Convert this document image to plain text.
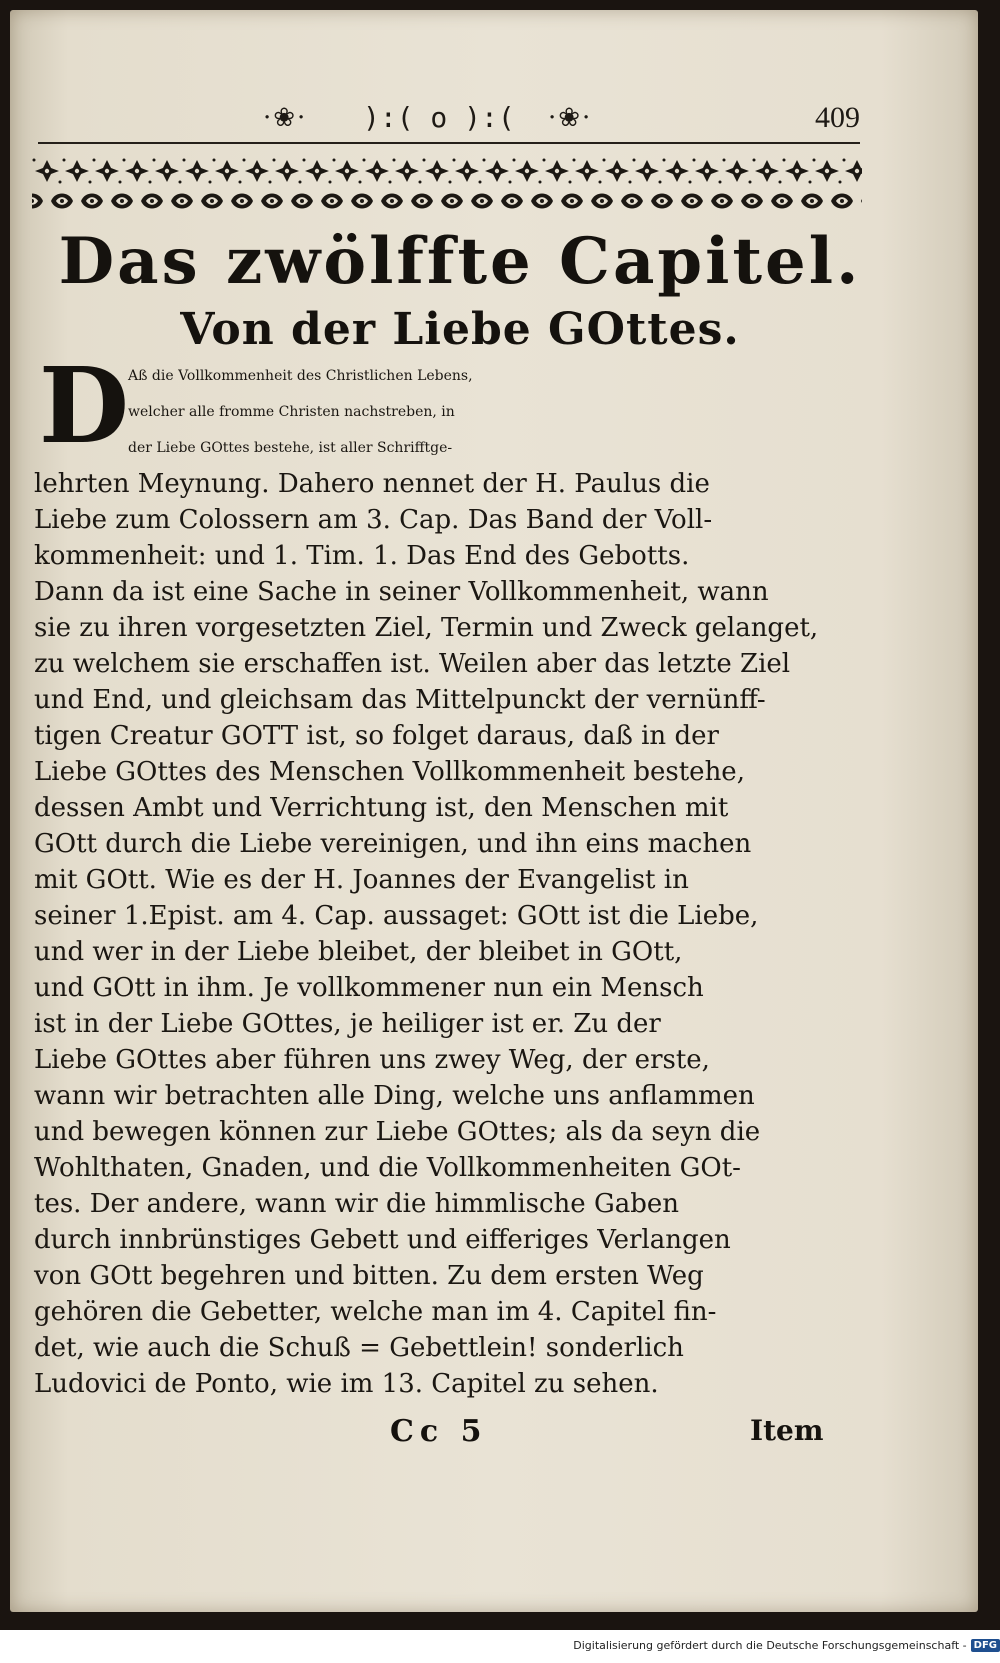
·❀· ):( o ):( ·❀·	409
Das zwölffte Capitel.
Von der Liebe GOttes.
D
Aß die Vollkommenheit des Christlichen Lebens,
welcher alle fromme Christen nachstreben, in
der Liebe GOttes bestehe, ist aller Schrifftge-
lehrten Meynung. Dahero nennet der H. Paulus die
Liebe zum Colossern am 3. Cap. Das Band der Voll-
kommenheit: und 1. Tim. 1. Das End des Gebotts.
Dann da ist eine Sache in seiner Vollkommenheit, wann
sie zu ihren vorgesetzten Ziel, Termin und Zweck gelanget,
zu welchem sie erschaffen ist. Weilen aber das letzte Ziel
und End, und gleichsam das Mittelpunckt der vernünff-
tigen Creatur GOTT ist, so folget daraus, daß in der
Liebe GOttes des Menschen Vollkommenheit bestehe,
dessen Ambt und Verrichtung ist, den Menschen mit
GOtt durch die Liebe vereinigen, und ihn eins machen
mit GOtt. Wie es der H. Joannes der Evangelist in
seiner 1.Epist. am 4. Cap. aussaget: GOtt ist die Liebe,
und wer in der Liebe bleibet, der bleibet in GOtt,
und GOtt in ihm. Je vollkommener nun ein Mensch
ist in der Liebe GOttes, je heiliger ist er. Zu der
Liebe GOttes aber führen uns zwey Weg, der erste,
wann wir betrachten alle Ding, welche uns anflammen
und bewegen können zur Liebe GOttes; als da seyn die
Wohlthaten, Gnaden, und die Vollkommenheiten GOt-
tes. Der andere, wann wir die himmlische Gaben
durch innbrünstiges Gebett und eifferiges Verlangen
von GOtt begehren und bitten. Zu dem ersten Weg
gehören die Gebetter, welche man im 4. Capitel fin-
det, wie auch die Schuß = Gebettlein! sonderlich
Ludovici de Ponto, wie im 13. Capitel zu sehen.
Cc 5	Item
Digitalisierung gefördert durch die Deutsche Forschungsgemeinschaft - DFG
